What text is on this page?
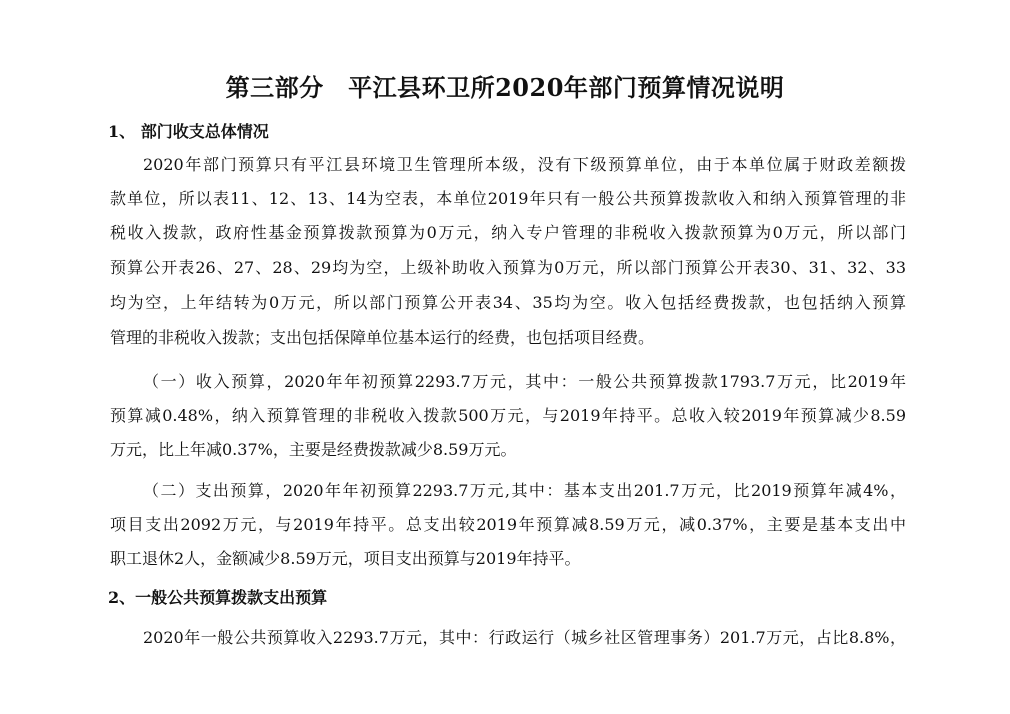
第三部分　平江县环卫所2020年部门预算情况说明
1、 部门收支总体情况
2020年部门预算只有平江县环境卫生管理所本级，没有下级预算单位，由于本单位属于财政差额拨
款单位，所以表11、12、13、14为空表，本单位2019年只有一般公共预算拨款收入和纳入预算管理的非
税收入拨款，政府性基金预算拨款预算为0万元，纳入专户管理的非税收入拨款预算为0万元，所以部门
预算公开表26、27、28、29均为空，上级补助收入预算为0万元，所以部门预算公开表30、31、32、33
均为空，上年结转为0万元，所以部门预算公开表34、35均为空。收入包括经费拨款，也包括纳入预算
管理的非税收入拨款；支出包括保障单位基本运行的经费，也包括项目经费。
（一）收入预算，2020年年初预算2293.7万元，其中：一般公共预算拨款1793.7万元，比2019年
预算减0.48%，纳入预算管理的非税收入拨款500万元，与2019年持平。总收入较2019年预算减少8.59
万元，比上年减0.37%，主要是经费拨款减少8.59万元。
（二）支出预算，2020年年初预算2293.7万元,其中：基本支出201.7万元，比2019预算年减4%，
项目支出2092万元，与2019年持平。总支出较2019年预算减8.59万元，减0.37%，主要是基本支出中
职工退休2人，金额减少8.59万元，项目支出预算与2019年持平。
2、一般公共预算拨款支出预算
2020年一般公共预算收入2293.7万元，其中：行政运行（城乡社区管理事务）201.7万元，占比8.8%，
